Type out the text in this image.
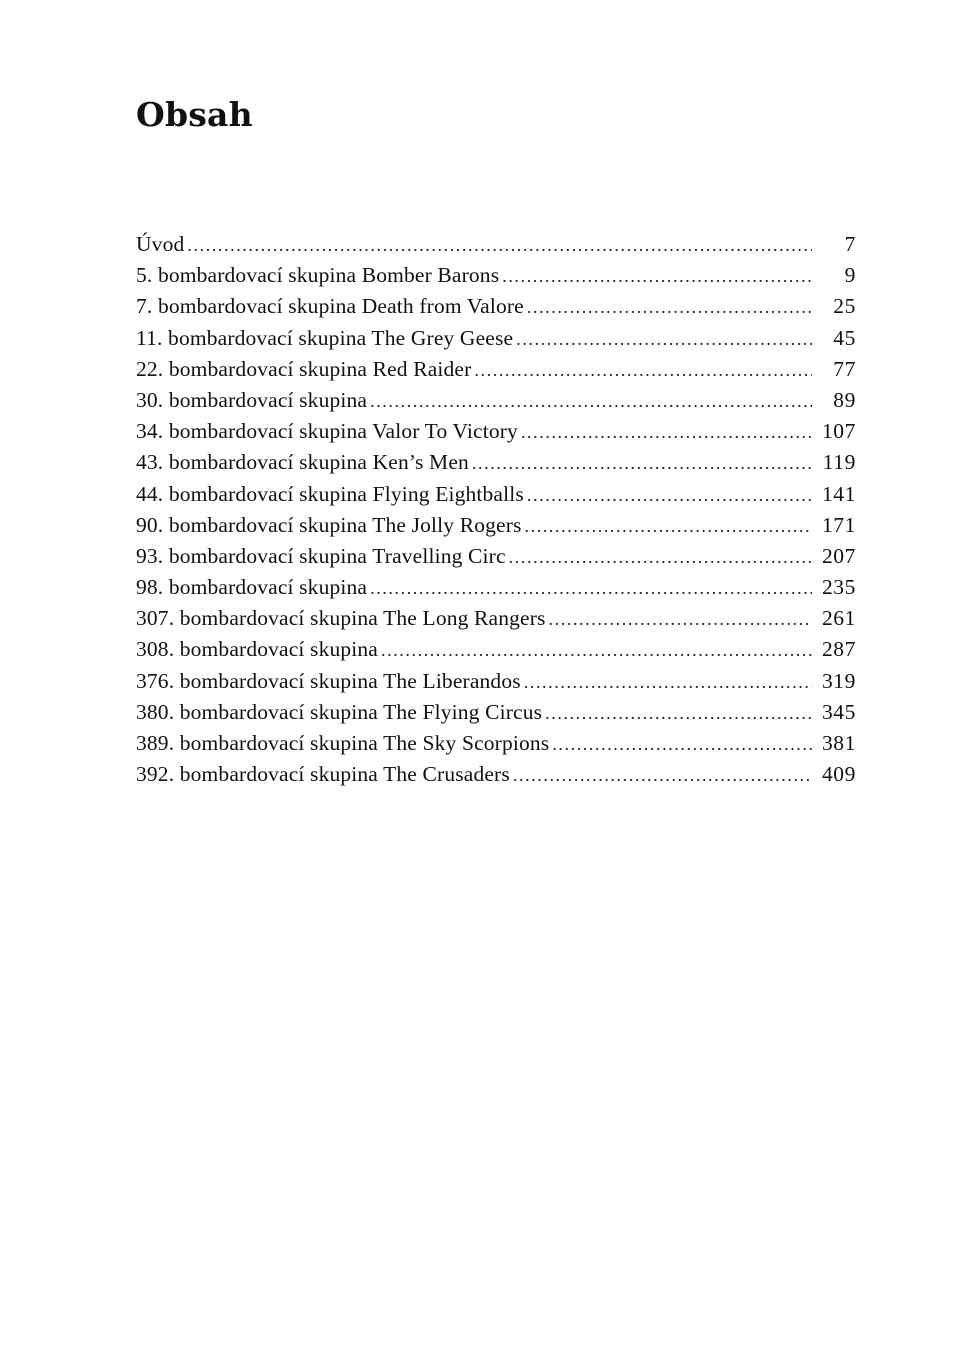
Obsah
Úvod .....	7
5. bombardovací skupina Bomber Barons .....	9
7. bombardovací skupina Death from Valore .....	25
11. bombardovací skupina The Grey Geese .....	45
22. bombardovací skupina Red Raider .....	77
30. bombardovací skupina .....	89
34. bombardovací skupina Valor To Victory .....	107
43. bombardovací skupina Ken’s Men .....	119
44. bombardovací skupina Flying Eightballs .....	141
90. bombardovací skupina The Jolly Rogers .....	171
93. bombardovací skupina Travelling Circ .....	207
98. bombardovací skupina .....	235
307. bombardovací skupina The Long Rangers .....	261
308. bombardovací skupina .....	287
376. bombardovací skupina The Liberandos .....	319
380. bombardovací skupina The Flying Circus .....	345
389. bombardovací skupina The Sky Scorpions .....	381
392. bombardovací skupina The Crusaders .....	409
